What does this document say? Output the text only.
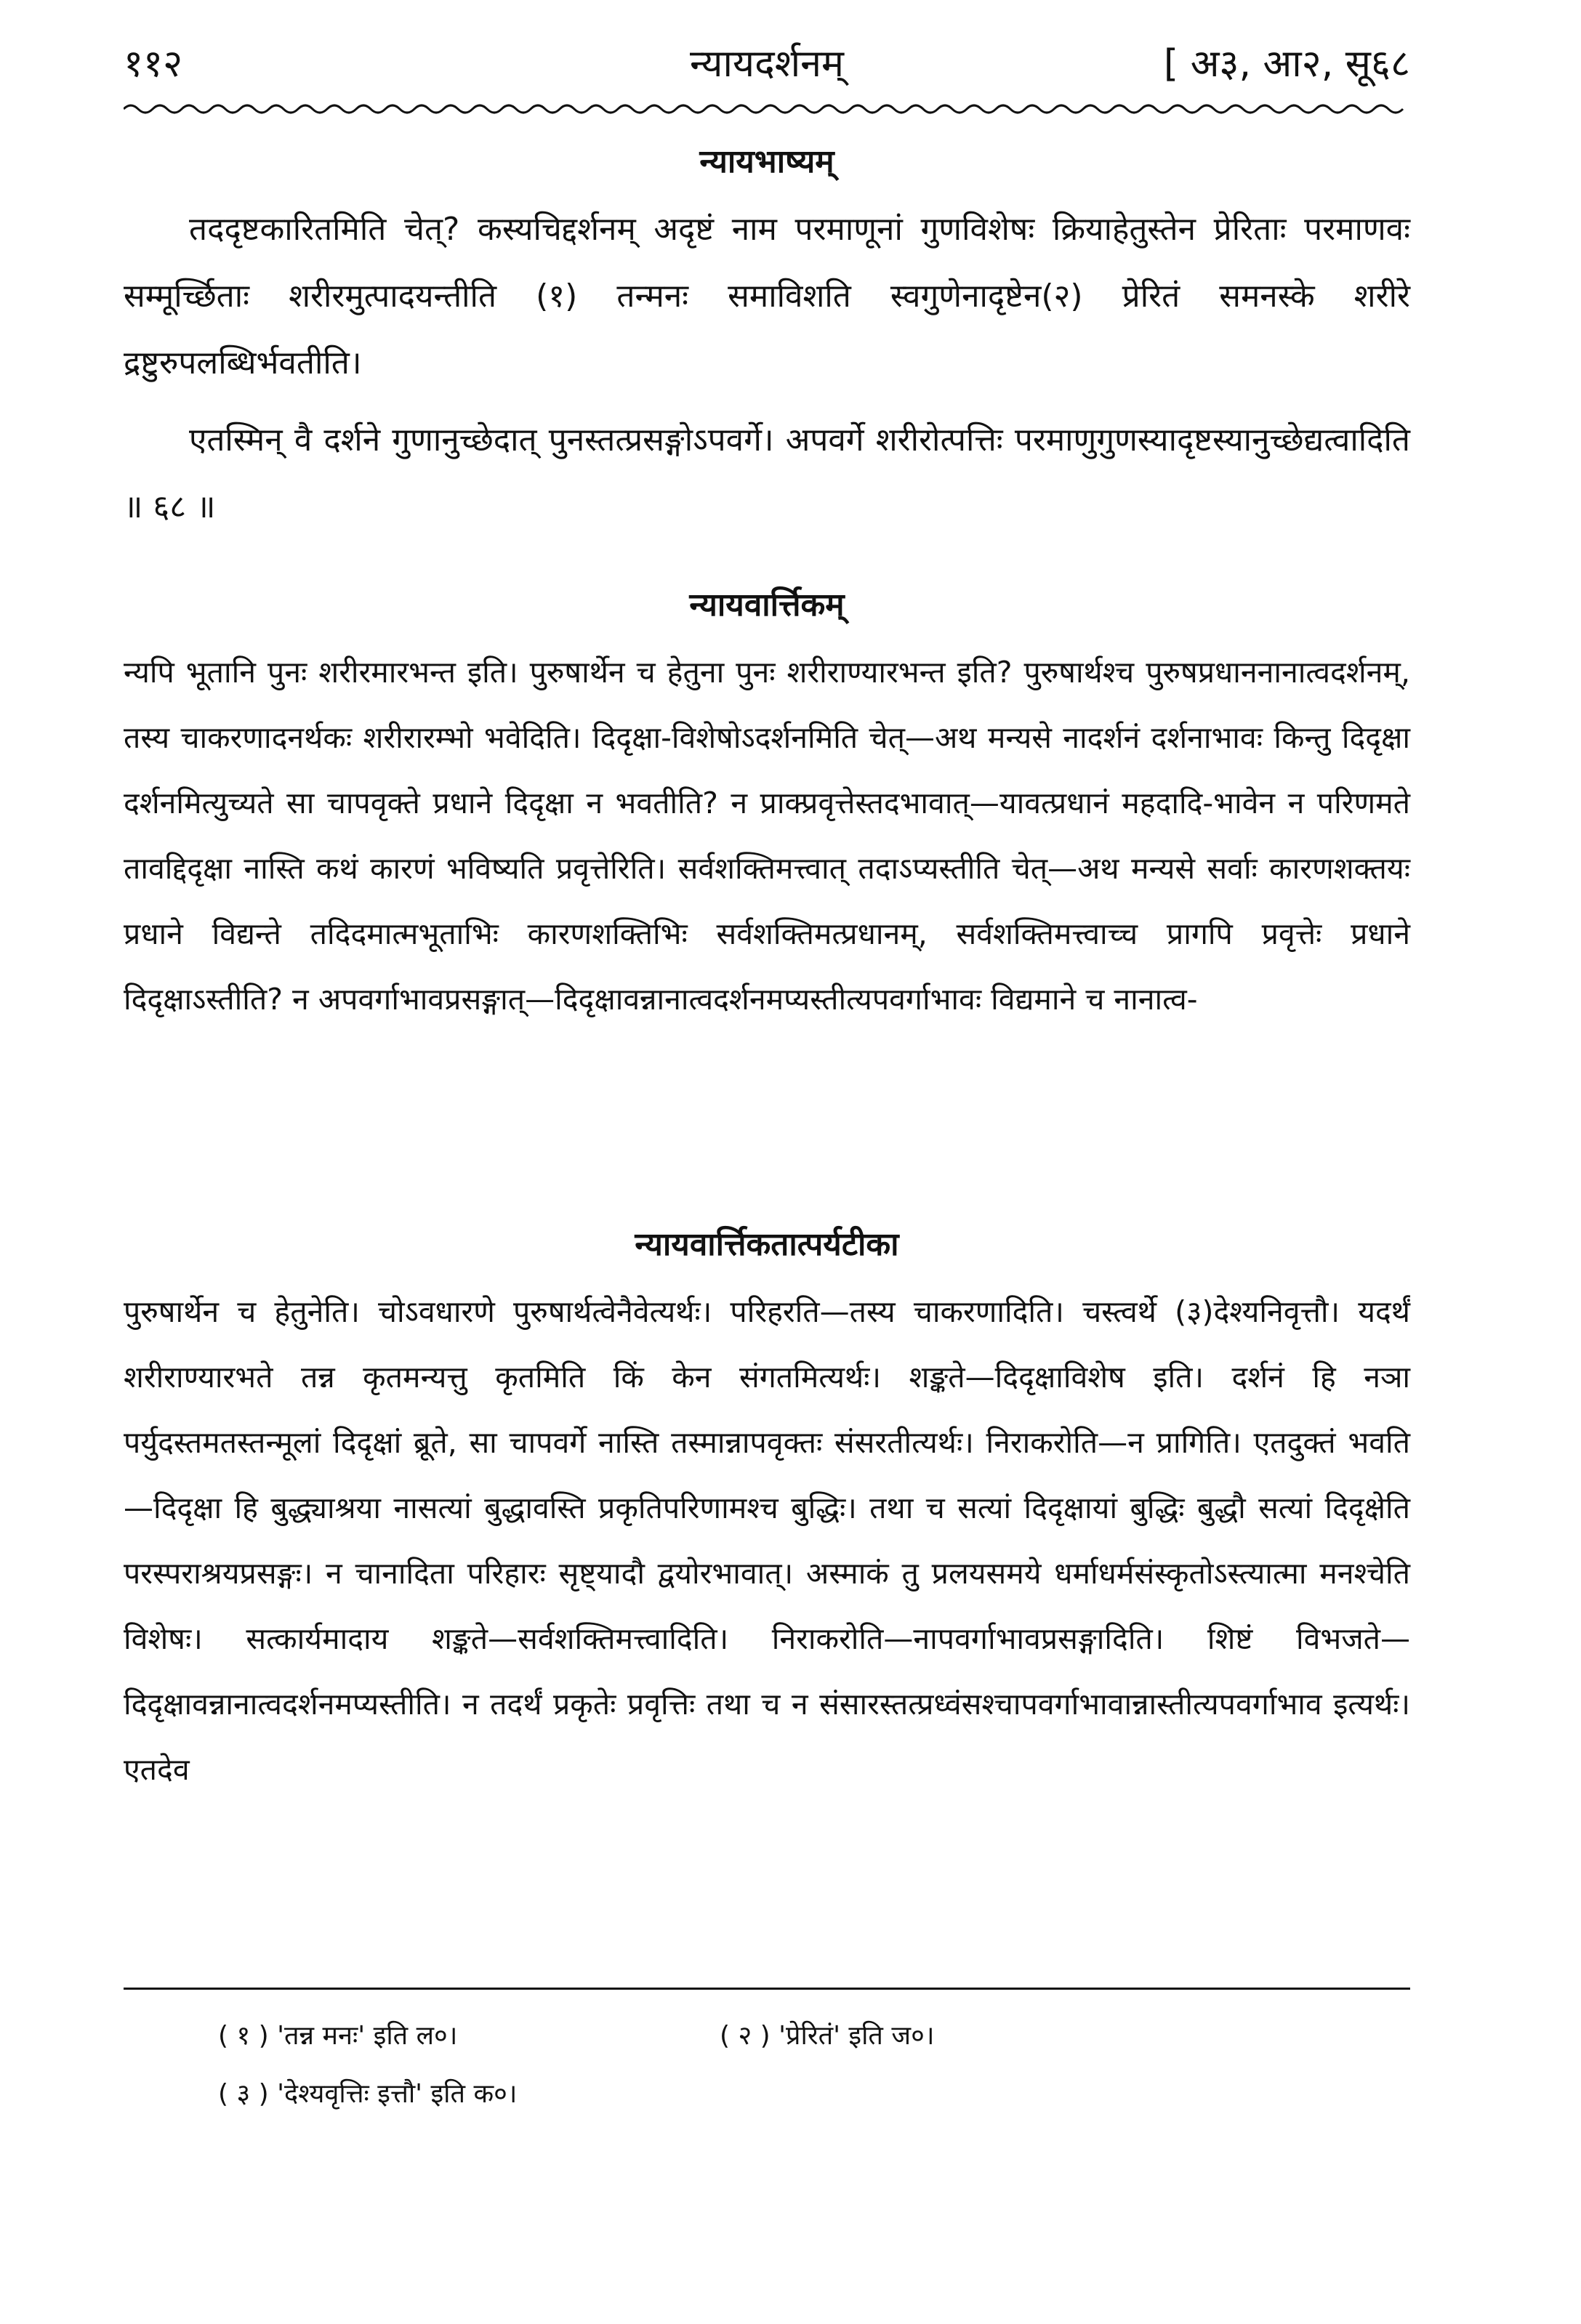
११२	न्यायदर्शनम्	[ अ३, आ२, सू६८
न्यायभाष्यम्
तददृष्टकारितमिति चेत्? कस्यचिद्दर्शनम् अदृष्टं नाम परमाणूनां गुणविशेषः क्रियाहेतुस्तेन प्रेरिताः परमाणवः सम्मूर्च्छिताः शरीरमुत्पादयन्तीति (१) तन्मनः समाविशति स्वगुणेनादृष्टेन(२) प्रेरितं समनस्के शरीरे द्रष्टुरुपलब्धिर्भवतीति।
एतस्मिन् वै दर्शने गुणानुच्छेदात् पुनस्तत्प्रसङ्गोऽपवर्गे। अपवर्गे शरीरोत्पत्तिः परमाणुगुणस्यादृष्टस्यानुच्छेद्यत्वादिति ॥ ६८ ॥
न्यायवार्त्तिकम्
न्यपि भूतानि पुनः शरीरमारभन्त इति। पुरुषार्थेन च हेतुना पुनः शरीराण्यारभन्त इति? पुरुषार्थश्च पुरुषप्रधाननानात्वदर्शनम्, तस्य चाकरणादनर्थकः शरीरारम्भो भवेदिति। दिदृक्षा-विशेषोऽदर्शनमिति चेत्—अथ मन्यसे नादर्शनं दर्शनाभावः किन्तु दिदृक्षा दर्शनमित्युच्यते सा चापवृक्ते प्रधाने दिदृक्षा न भवतीति? न प्राक्प्रवृत्तेस्तदभावात्—यावत्प्रधानं महदादि-भावेन न परिणमते तावद्दिदृक्षा नास्ति कथं कारणं भविष्यति प्रवृत्तेरिति। सर्वशक्तिमत्त्वात् तदाऽप्यस्तीति चेत्—अथ मन्यसे सर्वाः कारणशक्तयः प्रधाने विद्यन्ते तदिदमात्मभूताभिः कारणशक्तिभिः सर्वशक्तिमत्प्रधानम्, सर्वशक्तिमत्त्वाच्च प्रागपि प्रवृत्तेः प्रधाने दिदृक्षाऽस्तीति? न अपवर्गाभावप्रसङ्गात्—दिदृक्षावन्नानात्वदर्शनमप्यस्तीत्यपवर्गाभावः विद्यमाने च नानात्व-
न्यायवार्त्तिकतात्पर्यटीका
पुरुषार्थेन च हेतुनेति। चोऽवधारणे पुरुषार्थत्वेनैवेत्यर्थः। परिहरति—तस्य चाकरणादिति। चस्त्वर्थे (३)देश्यनिवृत्तौ। यदर्थं शरीराण्यारभते तन्न कृतमन्यत्तु कृतमिति किं केन संगतमित्यर्थः। शङ्कते—दिदृक्षाविशेष इति। दर्शनं हि नञा पर्युदस्तमतस्तन्मूलां दिदृक्षां ब्रूते, सा चापवर्गे नास्ति तस्मान्नापवृक्तः संसरतीत्यर्थः। निराकरोति—न प्रागिति। एतदुक्तं भवति—दिदृक्षा हि बुद्ध्याश्रया नासत्यां बुद्धावस्ति प्रकृतिपरिणामश्च बुद्धिः। तथा च सत्यां दिदृक्षायां बुद्धिः बुद्धौ सत्यां दिदृक्षेति परस्पराश्रयप्रसङ्गः। न चानादिता परिहारः सृष्ट्यादौ द्वयोरभावात्। अस्माकं तु प्रलयसमये धर्माधर्मसंस्कृतोऽस्त्यात्मा मनश्चेति विशेषः। सत्कार्यमादाय शङ्कते—सर्वशक्तिमत्त्वादिति। निराकरोति—नापवर्गाभावप्रसङ्गादिति। शिष्टं विभजते—दिदृक्षावन्नानात्वदर्शनमप्यस्तीति। न तदर्थं प्रकृतेः प्रवृत्तिः तथा च न संसारस्तत्प्रध्वंसश्चापवर्गाभावान्नास्तीत्यपवर्गाभाव इत्यर्थः। एतदेव
( १ ) 'तन्न मनः' इति ल०।	( २ ) 'प्रेरितं' इति ज०।
( ३ ) 'देश्यवृत्तिः इत्तौ' इति क०।
